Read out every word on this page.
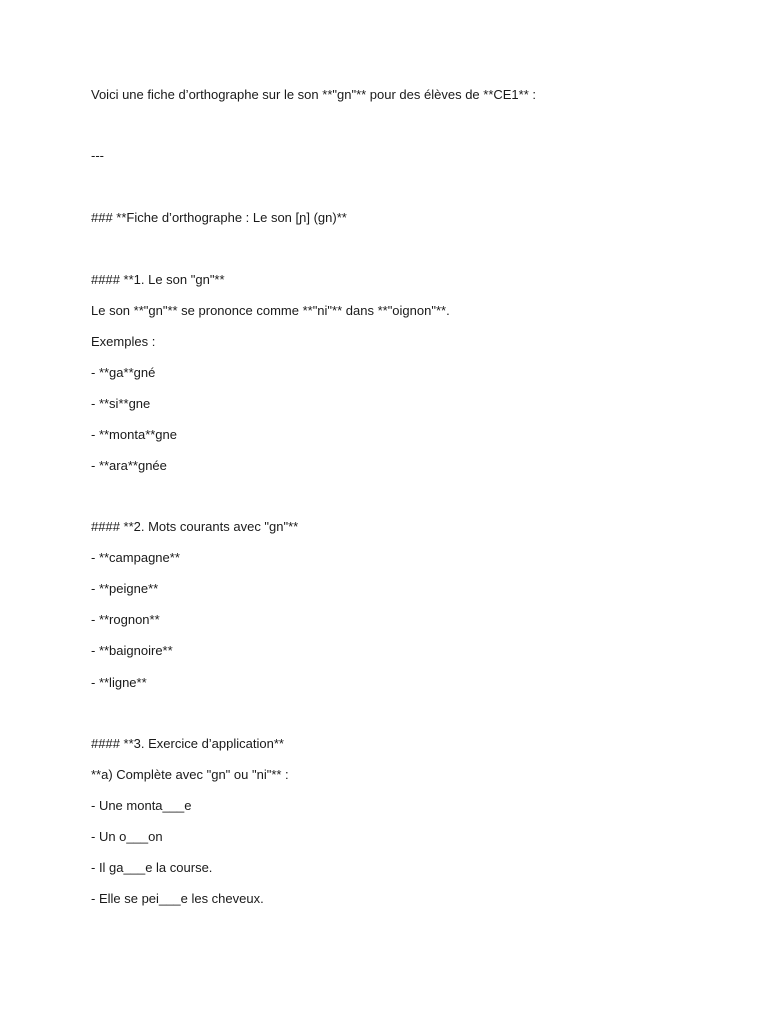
Voici une fiche d’orthographe sur le son **"gn"** pour des élèves de **CE1** :

---

### **Fiche d’orthographe : Le son [ɲ] (gn)**

#### **1. Le son "gn"**

Le son **"gn"** se prononce comme **"ni"** dans **"oignon"**.

Exemples :

- **ga**gné

- **si**gne

- **monta**gne

- **ara**gnée

#### **2. Mots courants avec "gn"**

- **campagne**

- **peigne**

- **rognon**

- **baignoire**

- **ligne**

#### **3. Exercice d’application**

**a) Complète avec "gn" ou "ni"** :

- Une monta___e

- Un o___on

- Il ga___e la course.

- Elle se pei___e les cheveux.
